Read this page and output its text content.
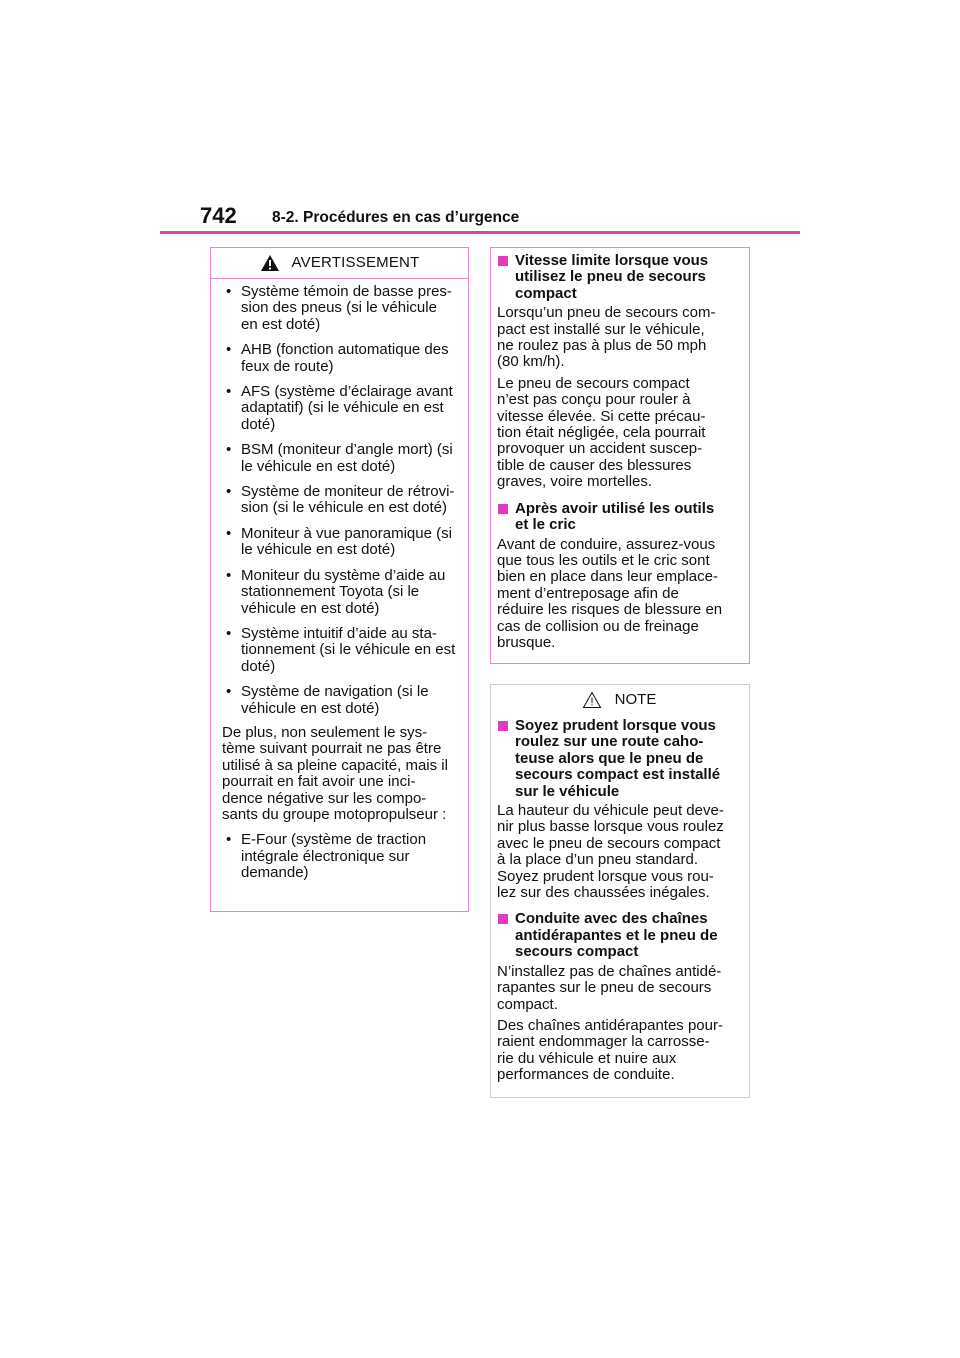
742 8-2. Procédures en cas d’urgence
AVERTISSEMENT
• Système témoin de basse pres-
sion des pneus (si le véhicule
en est doté)
• AHB (fonction automatique des
feux de route)
• AFS (système d’éclairage avant
adaptatif) (si le véhicule en est
doté)
• BSM (moniteur d’angle mort) (si
le véhicule en est doté)
• Système de moniteur de rétrovi-
sion (si le véhicule en est doté)
• Moniteur à vue panoramique (si
le véhicule en est doté)
• Moniteur du système d’aide au
stationnement Toyota (si le
véhicule en est doté)
• Système intuitif d’aide au sta-
tionnement (si le véhicule en est
doté)
• Système de navigation (si le
véhicule en est doté)
De plus, non seulement le sys-
tème suivant pourrait ne pas être
utilisé à sa pleine capacité, mais il
pourrait en fait avoir une inci-
dence négative sur les compo-
sants du groupe motopropulseur :
• E-Four (système de traction
intégrale électronique sur
demande)
Vitesse limite lorsque vous
utilisez le pneu de secours
compact
Lorsqu’un pneu de secours com-
pact est installé sur le véhicule,
ne roulez pas à plus de 50 mph
(80 km/h).
Le pneu de secours compact
n’est pas conçu pour rouler à
vitesse élevée. Si cette précau-
tion était négligée, cela pourrait
provoquer un accident suscep-
tible de causer des blessures
graves, voire mortelles.
Après avoir utilisé les outils
et le cric
Avant de conduire, assurez-vous
que tous les outils et le cric sont
bien en place dans leur emplace-
ment d’entreposage afin de
réduire les risques de blessure en
cas de collision ou de freinage
brusque.
NOTE
Soyez prudent lorsque vous
roulez sur une route caho-
teuse alors que le pneu de
secours compact est installé
sur le véhicule
La hauteur du véhicule peut deve-
nir plus basse lorsque vous roulez
avec le pneu de secours compact
à la place d’un pneu standard.
Soyez prudent lorsque vous rou-
lez sur des chaussées inégales.
Conduite avec des chaînes
antidérapantes et le pneu de
secours compact
N’installez pas de chaînes antidé-
rapantes sur le pneu de secours
compact.
Des chaînes antidérapantes pour-
raient endommager la carrosse-
rie du véhicule et nuire aux
performances de conduite.
